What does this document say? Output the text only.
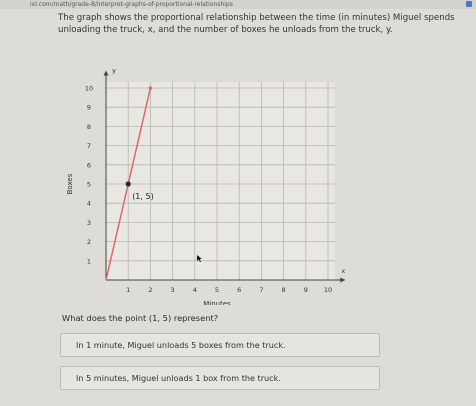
ixl.com/math/grade-8/interpret-graphs-of-proportional-relationships
The graph shows the proportional relationship between the time (in minutes) Miguel spends unloading the truck, x, and the number of boxes he unloads from the truck, y.
x
y
1	2	3	4	5	6	7	8	9 10
1
2
3
4
5
6
7
8
9
10
Minutes
Boxes
(1, 5)
What does the point (1, 5) represent?
In 1 minute, Miguel unloads 5 boxes from the truck.
In 5 minutes, Miguel unloads 1 box from the truck.
